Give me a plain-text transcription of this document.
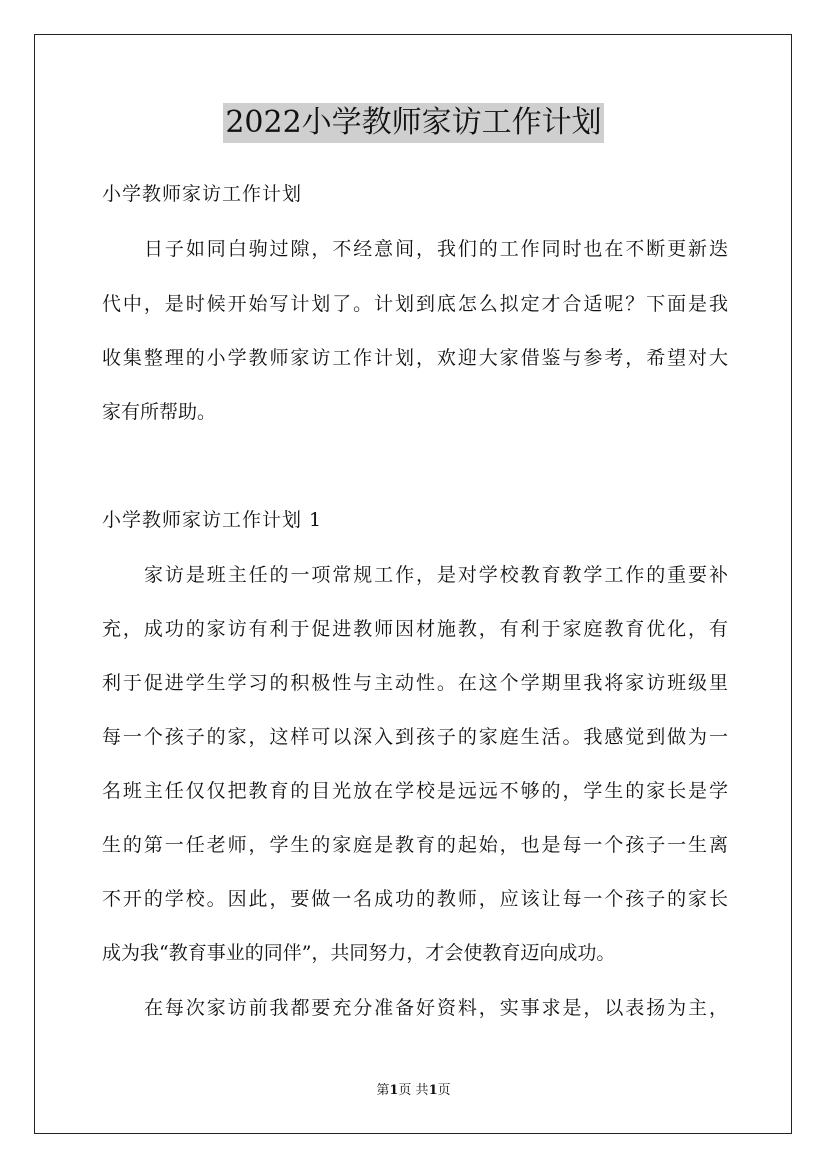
2022小学教师家访工作计划
小学教师家访工作计划
日子如同白驹过隙，不经意间，我们的工作同时也在不断更新迭
代中，是时候开始写计划了。计划到底怎么拟定才合适呢？下面是我
收集整理的小学教师家访工作计划，欢迎大家借鉴与参考，希望对大
家有所帮助。
小学教师家访工作计划 1
家访是班主任的一项常规工作，是对学校教育教学工作的重要补
充，成功的家访有利于促进教师因材施教，有利于家庭教育优化，有
利于促进学生学习的积极性与主动性。在这个学期里我将家访班级里
每一个孩子的家，这样可以深入到孩子的家庭生活。我感觉到做为一
名班主任仅仅把教育的目光放在学校是远远不够的，学生的家长是学
生的第一任老师，学生的家庭是教育的起始，也是每一个孩子一生离
不开的学校。因此，要做一名成功的教师，应该让每一个孩子的家长
成为我“教育事业的同伴”，共同努力，才会使教育迈向成功。
在每次家访前我都要充分准备好资料，实事求是，以表扬为主，
第1页 共1页
